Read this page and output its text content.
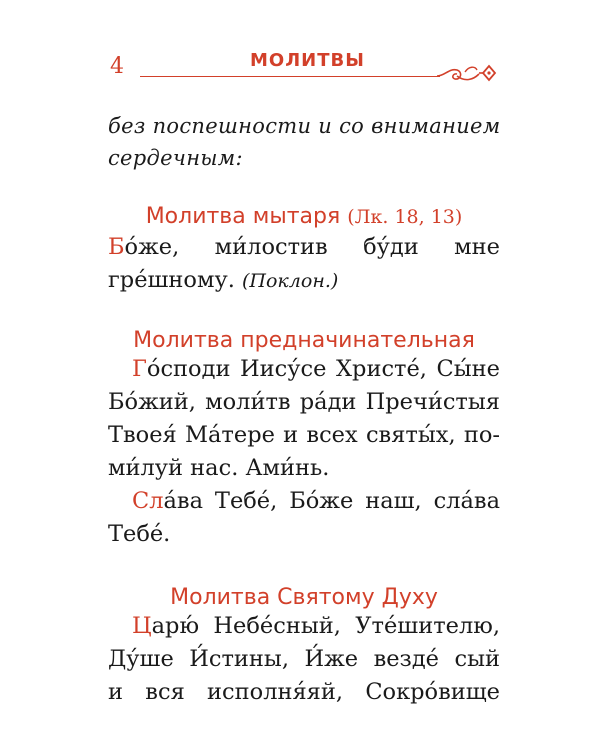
4	МОЛИТВЫ

без поспешности и со вниманием
сердечным:

Молитва мытаря (Лк. 18, 13)

Бо́же, ми́лостив бу́ди мне
гре́шному. (Поклон.)

Молитва предначинательная

Го́споди Иису́се Христе́, Сы́не
Бо́жий, моли́тв ра́ди Пречи́стыя
Твоея́ Ма́тере и всех святы́х, по-
ми́луй нас. Ами́нь.
Сла́ва Тебе́, Бо́же наш, сла́ва
Тебе́.

Молитва Святому Духу

Царю́ Небе́сный, Уте́шителю,
Ду́ше И́стины, И́же везде́ сый
и вся исполня́яй, Сокро́вище
